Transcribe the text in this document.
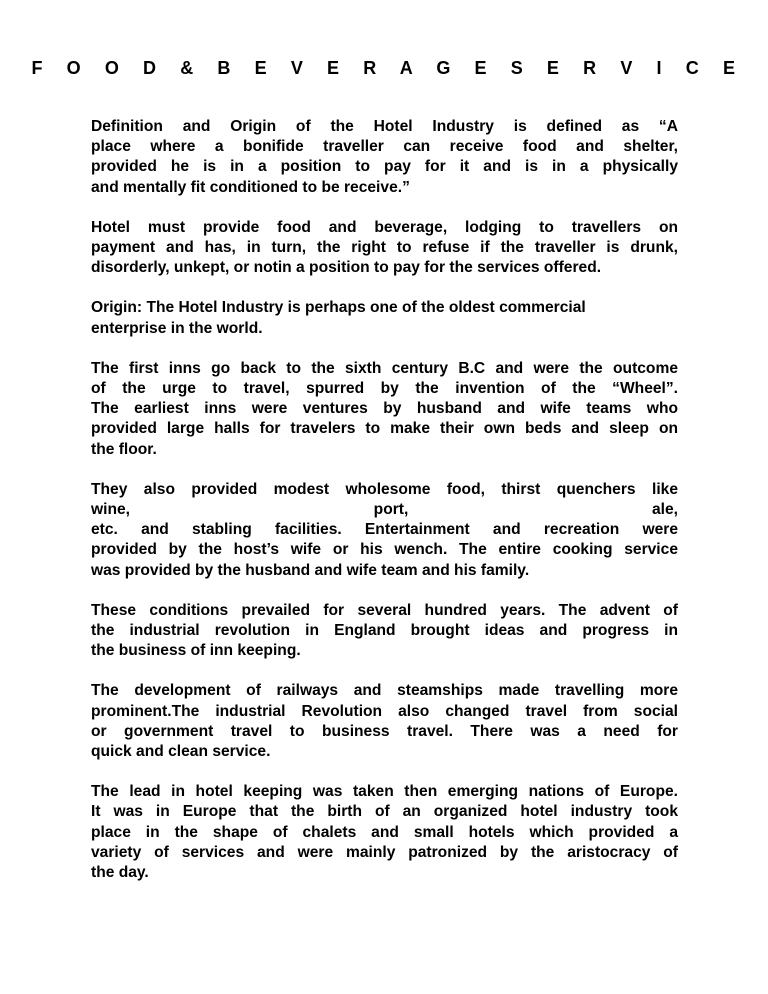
F O O D & B E V E R A G E S E R V I C E

Definition and Origin of the Hotel Industry is defined as “A
place where a bonifide traveller can receive food and shelter,
provided he is in a position to pay for it and is in a physically
and mentally fit conditioned to be receive.”

Hotel must provide food and beverage, lodging to travellers on
payment and has, in turn, the right to refuse if the traveller is drunk,
disorderly, unkept, or notin a position to pay for the services offered.

Origin: The Hotel Industry is perhaps one of the oldest commercial
enterprise in the world.

The first inns go back to the sixth century B.C and were the outcome
of the urge to travel, spurred by the invention of the “Wheel”.
The earliest inns were ventures by husband and wife teams who
provided large halls for travelers to make their own beds and sleep on
the floor.

They also provided modest wholesome food, thirst quenchers like
wine, port, ale,
etc. and stabling facilities. Entertainment and recreation were
provided by the host’s wife or his wench. The entire cooking service
was provided by the husband and wife team and his family.

These conditions prevailed for several hundred years. The advent of
the industrial revolution in England brought ideas and progress in
the business of inn keeping.

The development of railways and steamships made travelling more
prominent.The industrial Revolution also changed travel from social
or government travel to business travel. There was a need for
quick and clean service.

The lead in hotel keeping was taken then emerging nations of Europe.
It was in Europe that the birth of an organized hotel industry took
place in the shape of chalets and small hotels which provided a
variety of services and were mainly patronized by the aristocracy of
the day.
